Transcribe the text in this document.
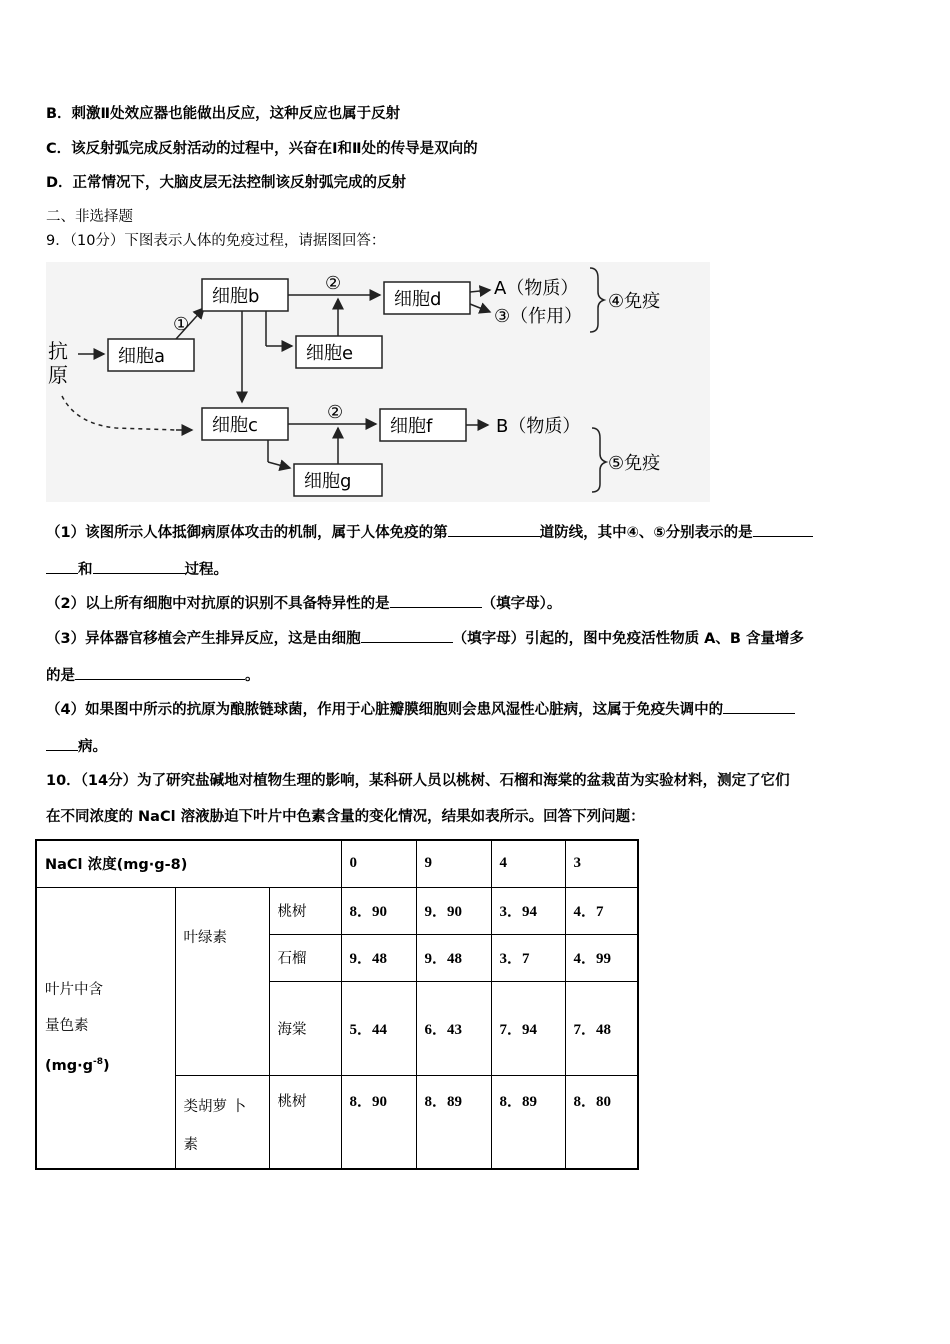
B．刺激Ⅱ处效应器也能做出反应，这种反应也属于反射
C．该反射弧完成反射活动的过程中，兴奋在Ⅰ和Ⅱ处的传导是双向的
D．正常情况下，大脑皮层无法控制该反射弧完成的反射
二、非选择题
9．（10分）下图表示人体的免疫过程，请据图回答：
抗
原
细胞a
①
细胞b
②
细胞e
细胞d
A（物质）
③（作用）
④免疫
细胞c
②
细胞g
细胞f	B（物质）
⑤免疫
（1）该图所示人体抵御病原体攻击的机制，属于人体免疫的第	道防线，其中④、⑤分别表示的是
和	过程。
（2）以上所有细胞中对抗原的识别不具备特异性的是	（填字母）。
（3）异体器官移植会产生排异反应，这是由细胞	（填字母）引起的，图中免疫活性物质 A、B 含量增多
的是	。
（4）如果图中所示的抗原为酿脓链球菌，作用于心脏瓣膜细胞则会患风湿性心脏病，这属于免疫失调中的
病。
10．（14分）为了研究盐碱地对植物生理的影响，某科研人员以桃树、石榴和海棠的盆栽苗为实验材料，测定了它们
在不同浓度的 NaCl 溶液胁迫下叶片中色素含量的变化情况，结果如表所示。回答下列问题：
NaCl 浓度(mg·g-8)			0	9	4	3

叶片中含
量色素
$(mg\cdot g^{-8})$	叶绿素	桃树	8．90	9．90	3．94	4．7
		石榴	9．48	9．48	3．7	4．99
		海棠	5．44	6．43	7．94	7．48

	类胡萝 卜
素	桃树	8．90	8．89	8．89	8．80
